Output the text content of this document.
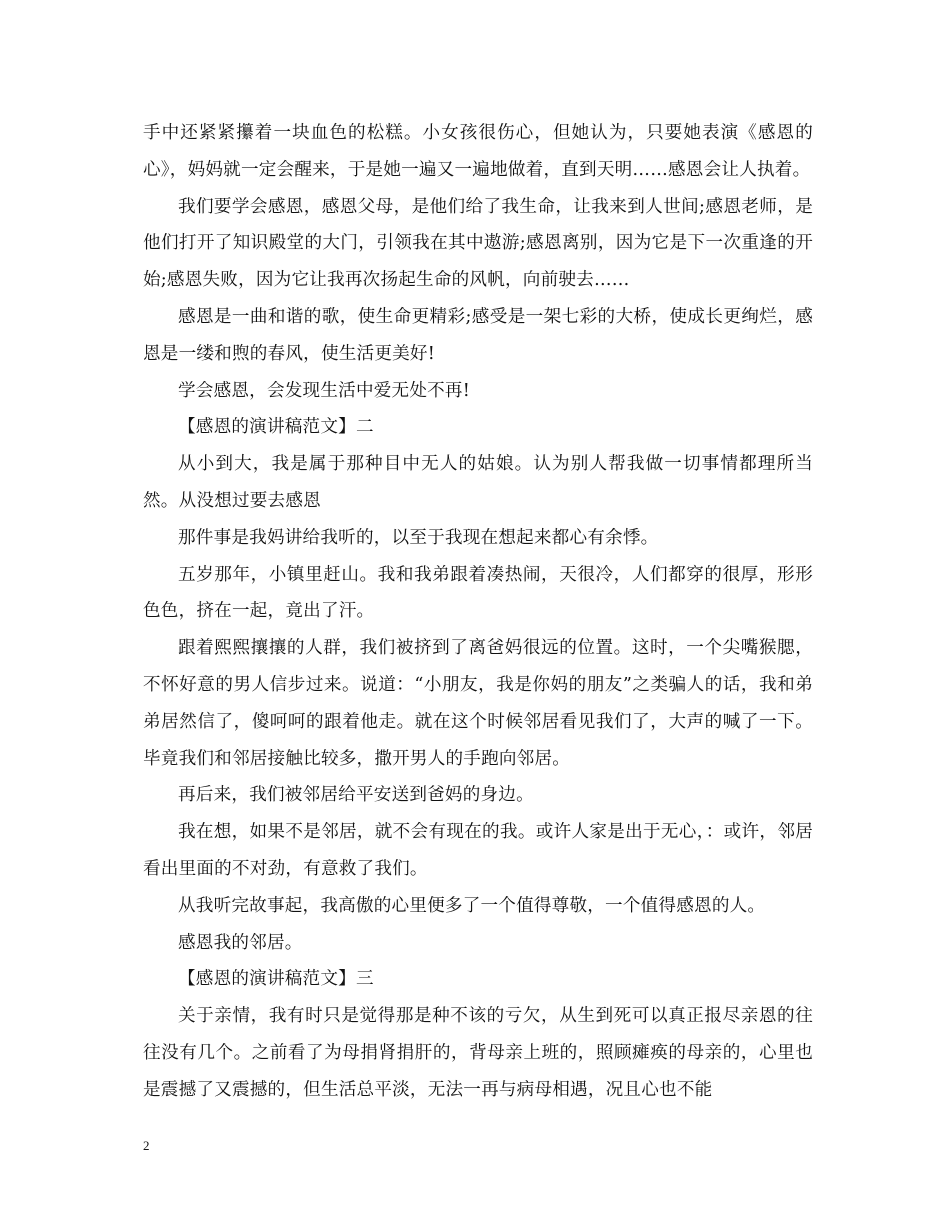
手中还紧紧攥着一块血色的松糕。小女孩很伤心，但她认为，只要她表演《感恩的心》，妈妈就一定会醒来，于是她一遍又一遍地做着，直到天明……感恩会让人执着。

我们要学会感恩，感恩父母，是他们给了我生命，让我来到人世间;感恩老师，是他们打开了知识殿堂的大门，引领我在其中遨游;感恩离别，因为它是下一次重逢的开始;感恩失败，因为它让我再次扬起生命的风帆，向前驶去……

感恩是一曲和谐的歌，使生命更精彩;感受是一架七彩的大桥，使成长更绚烂，感恩是一缕和煦的春风，使生活更美好!

学会感恩，会发现生活中爱无处不再!

【感恩的演讲稿范文】二

从小到大，我是属于那种目中无人的姑娘。认为别人帮我做一切事情都理所当然。从没想过要去感恩

那件事是我妈讲给我听的，以至于我现在想起来都心有余悸。

五岁那年，小镇里赶山。我和我弟跟着凑热闹，天很冷，人们都穿的很厚，形形色色，挤在一起，竟出了汗。

跟着熙熙攘攘的人群，我们被挤到了离爸妈很远的位置。这时，一个尖嘴猴腮，不怀好意的男人信步过来。说道：“小朋友，我是你妈的朋友”之类骗人的话，我和弟弟居然信了，傻呵呵的跟着他走。就在这个时候邻居看见我们了，大声的喊了一下。毕竟我们和邻居接触比较多，撒开男人的手跑向邻居。

再后来，我们被邻居给平安送到爸妈的身边。

我在想，如果不是邻居，就不会有现在的我。或许人家是出于无心，：或许，邻居看出里面的不对劲，有意救了我们。

从我听完故事起，我高傲的心里便多了一个值得尊敬，一个值得感恩的人。

感恩我的邻居。

【感恩的演讲稿范文】三

关于亲情，我有时只是觉得那是种不该的亏欠，从生到死可以真正报尽亲恩的往往没有几个。之前看了为母捐肾捐肝的，背母亲上班的，照顾瘫痪的母亲的，心里也是震撼了又震撼的，但生活总平淡，无法一再与病母相遇，况且心也不能

2
